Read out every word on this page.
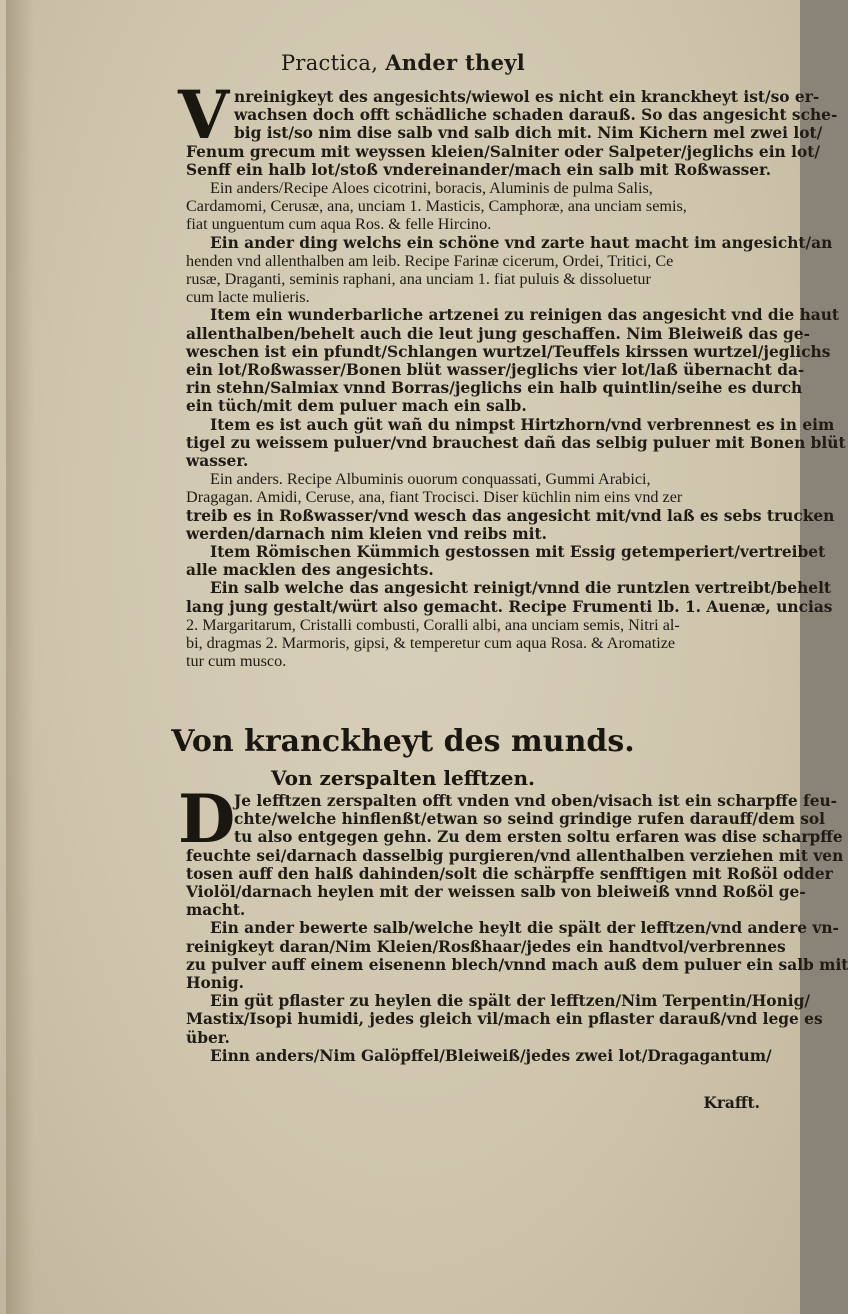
Practica, Ander theyl
V nreinigkeyt des angesichts/wiewol es nicht ein kranckheyt ist/so er-
wachsen doch offt schädliche schaden darauß. So das angesicht sche-
big ist/so nim dise salb vnd salb dich mit. Nim Kichern mel zwei lot/
Fenum grecum mit weyssen kleien/Salniter oder Salpeter/jeglichs ein lot/
Senff ein halb lot/stoß vndereinander/mach ein salb mit Roßwasser.
Ein anders/Recipe Aloes cicotrini, boracis, Aluminis de pulma Salis,
Cardamomi, Cerusæ, ana, unciam 1. Masticis, Camphoræ, ana unciam semis,
fiat unguentum cum aqua Ros. & felle Hircino.
Ein ander ding welchs ein schöne vnd zarte haut macht im angesicht/an
henden vnd allenthalben am leib. Recipe Farinæ cicerum, Ordei, Tritici, Ce
rusæ, Draganti, seminis raphani, ana unciam 1. fiat puluis & dissoluetur
cum lacte mulieris.
Item ein wunderbarliche artzenei zu reinigen das angesicht vnd die haut
allenthalben/behelt auch die leut jung geschaffen. Nim Bleiweiß das ge-
weschen ist ein pfundt/Schlangen wurtzel/Teuffels kirssen wurtzel/jeglichs
ein lot/Roßwasser/Bonen blüt wasser/jeglichs vier lot/laß übernacht da-
rin stehn/Salmiax vnnd Borras/jeglichs ein halb quintlin/seihe es durch
ein tüch/mit dem puluer mach ein salb.
Item es ist auch güt wañ du nimpst Hirtzhorn/vnd verbrennest es in eim
tigel zu weissem puluer/vnd brauchest dañ das selbig puluer mit Bonen blüt
wasser.
Ein anders. Recipe Albuminis ouorum conquassati, Gummi Arabici,
Dragagan. Amidi, Ceruse, ana, fiant Trocisci. Diser küchlin nim eins vnd zer
treib es in Roßwasser/vnd wesch das angesicht mit/vnd laß es sebs trucken
werden/darnach nim kleien vnd reibs mit.
Item Römischen Kümmich gestossen mit Essig getemperiert/vertreibet
alle macklen des angesichts.
Ein salb welche das angesicht reinigt/vnnd die runtzlen vertreibt/behelt
lang jung gestalt/würt also gemacht. Recipe Frumenti lb. 1. Auenæ, uncias
2. Margaritarum, Cristalli combusti, Coralli albi, ana unciam semis, Nitri al-
bi, dragmas 2. Marmoris, gipsi, & temperetur cum aqua Rosa. & Aromatize
tur cum musco.
Von kranckheyt des munds.
Von zerspalten lefftzen.
D
Je lefftzen zerspalten offt vnden vnd oben/visach ist ein scharpffe feu-
chte/welche hinflenßt/etwan so seind grindige rufen darauff/dem sol
tu also entgegen gehn. Zu dem ersten soltu erfaren was dise scharpffe
feuchte sei/darnach dasselbig purgieren/vnd allenthalben verziehen mit ven
tosen auff den halß dahinden/solt die schärpffe senfftigen mit Roßöl odder
Violöl/darnach heylen mit der weissen salb von bleiweiß vnnd Roßöl ge-
macht.
Ein ander bewerte salb/welche heylt die spält der lefftzen/vnd andere vn-
reinigkeyt daran/Nim Kleien/Rosßhaar/jedes ein handtvol/verbrennes
zu pulver auff einem eisenenn blech/vnnd mach auß dem puluer ein salb mit
Honig.
Ein güt pflaster zu heylen die spält der lefftzen/Nim Terpentin/Honig/
Mastix/Isopi humidi, jedes gleich vil/mach ein pflaster darauß/vnd lege es
über.
Einn anders/Nim Galöpffel/Bleiweiß/jedes zwei lot/Dragagantum/
Krafft.
